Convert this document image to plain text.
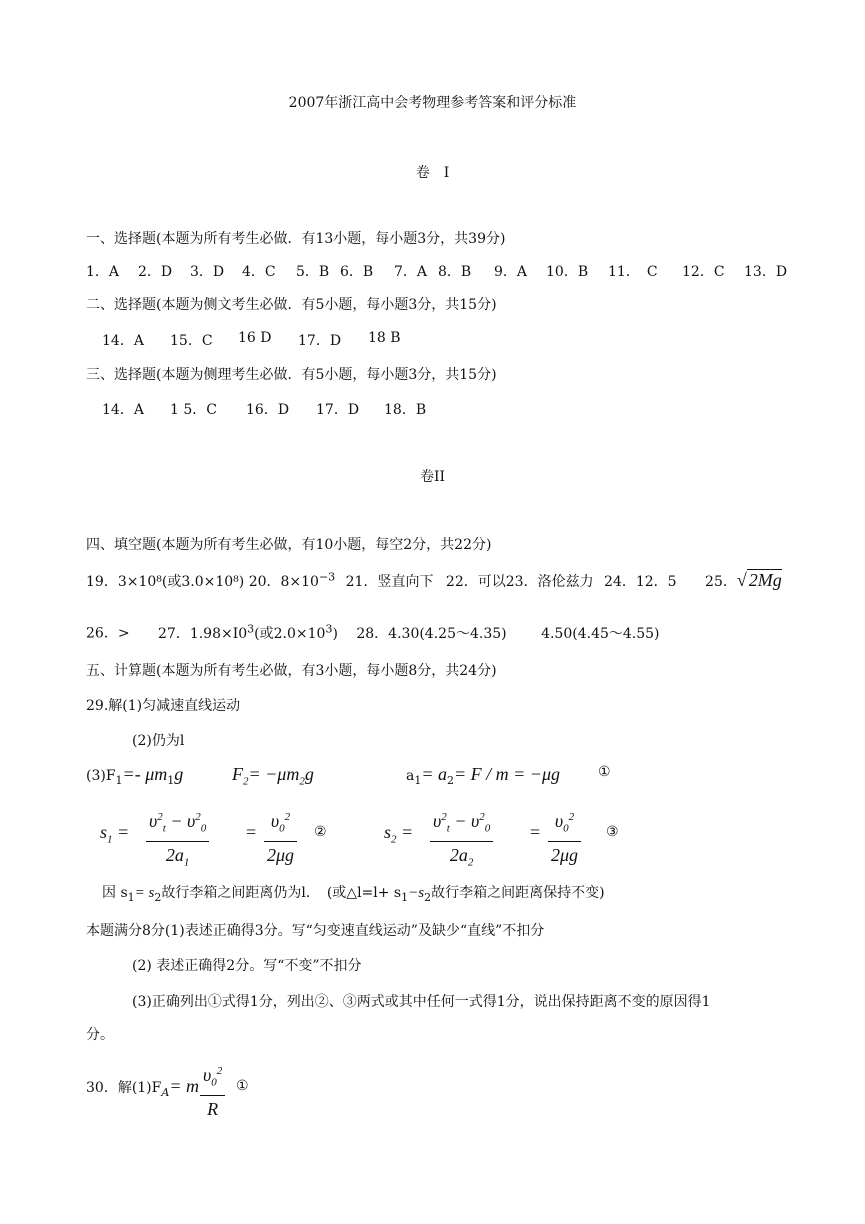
2007年浙江高中会考物理参考答案和评分标准
卷　I
一、选择题(本题为所有考生必做．有13小题，每小题3分，共39分)
1．A 2．D 3．D 4．C 5．B 6．B 7．A 8．B 9．A 10．B 11．　C 12．C 13．D
二、选择题(本题为侧文考生必做．有5小题，每小题3分，共15分)
14．A 15．C 16 D 17．D 18 B
三、选择题(本题为侧理考生必做．有5小题，每小题3分，共15分)
14．A 1 5．C 16．D 17．D 18．B
卷II
四、填空题(本题为所有考生必做，有10小题，每空2分，共22分)
19．3×10⁸(或3.0×10⁸) 20．$8\times 10^{-3}$ 21．竖直向下 22．可以23．洛伦兹力 24．12．5 25．√ 2Mg
26．> 27．$1.98\times I0^3$(或$2.0\times 10^3$) 28．4.30(4.25～4.35) 4.50(4.45～4.55)
五、计算题(本题为所有考生必做，有3小题，每小题8分，共24分)
29.解(1)匀减速直线运动
(2)仍为l
$(3)F_1=-$ $\mu m_1g$	$F_2= -\mu m_2g$	$a_1= a_2= F / m = -\mu g$	①
$s_1 = \frac{\upsilon^2_t - \upsilon^2_0}{2a_1} = \frac{\upsilon_0^2}{2\mu g}$ ②	$s_2 = \frac{\upsilon^2_t - \upsilon^2_0}{2a_2} = \frac{\upsilon_0^2}{2\mu g}$ ③
因 $s_1= s_2$故行李箱之间距离仍为l．　(或△l=l+ $s_1-s_2$故行李箱之间距离保持不变)
本题满分8分(1)表述正确得3分。写“匀变速直线运动”及缺少“直线”不扣分
(2) 表述正确得2分。写“不变”不扣分
(3)正确列出①式得1分，列出②、③两式或其中任何一式得1分，说出保持距离不变的原因得1
分。
30．解$(1)F_A= m \frac{\upsilon_0^2}{R}$ ①
